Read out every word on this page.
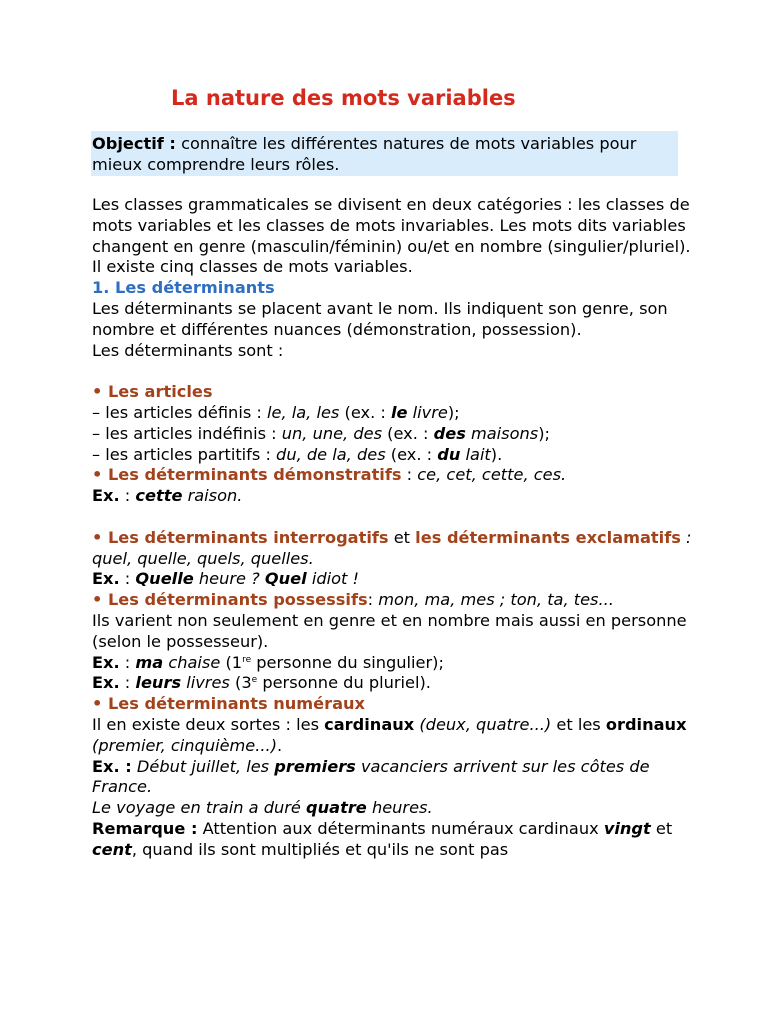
La nature des mots variables

Objectif : connaître les différentes natures de mots variables pour mieux comprendre leurs rôles.

Les classes grammaticales se divisent en deux catégories : les classes de mots variables et les classes de mots invariables. Les mots dits variables changent en genre (masculin/féminin) ou/et en nombre (singulier/pluriel). Il existe cinq classes de mots variables.

1. Les déterminants

Les déterminants se placent avant le nom. Ils indiquent son genre, son nombre et différentes nuances (démonstration, possession).

Les déterminants sont :

• Les articles

– les articles définis : le, la, les (ex. : le livre);

– les articles indéfinis : un, une, des (ex. : des maisons);

– les articles partitifs : du, de la, des (ex. : du lait).

• Les déterminants démonstratifs : ce, cet, cette, ces.

Ex. : cette raison.

• Les déterminants interrogatifs et les déterminants exclamatifs : quel, quelle, quels, quelles.

Ex. : Quelle heure ? Quel idiot !

• Les déterminants possessifs: mon, ma, mes ; ton, ta, tes...

Ils varient non seulement en genre et en nombre mais aussi en personne (selon le possesseur).

Ex. : ma chaise (1re personne du singulier);

Ex. : leurs livres (3e personne du pluriel).

• Les déterminants numéraux

Il en existe deux sortes : les cardinaux (deux, quatre...) et les ordinaux (premier, cinquième...).

Ex. : Début juillet, les premiers vacanciers arrivent sur les côtes de France.

Le voyage en train a duré quatre heures.

Remarque : Attention aux déterminants numéraux cardinaux vingt et cent, quand ils sont multipliés et qu'ils ne sont pas
